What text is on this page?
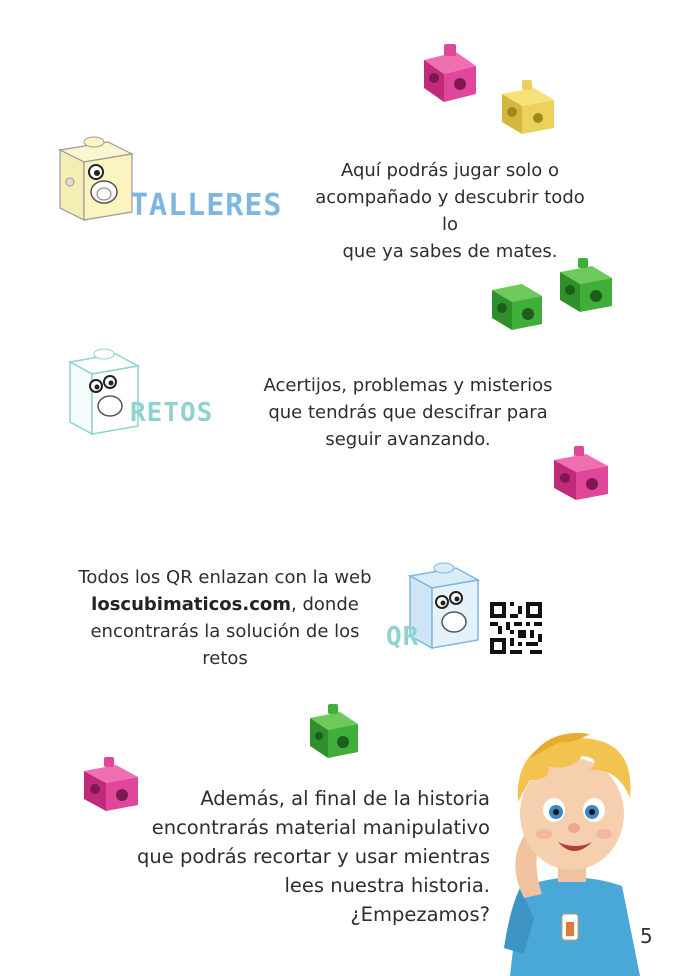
TALLERES
Aquí podrás jugar solo o
acompañado y descubrir todo lo
que ya sabes de mates.
RETOS
Acertijos, problemas y misterios
que tendrás que descifrar para
seguir avanzando.
Todos los QR enlazan con la web
loscubimaticos.com, donde
encontrarás la solución de los retos
QR
Además, al final de la historia
encontrarás material manipulativo
que podrás recortar y usar mientras
lees nuestra historia.
¿Empezamos?
5
